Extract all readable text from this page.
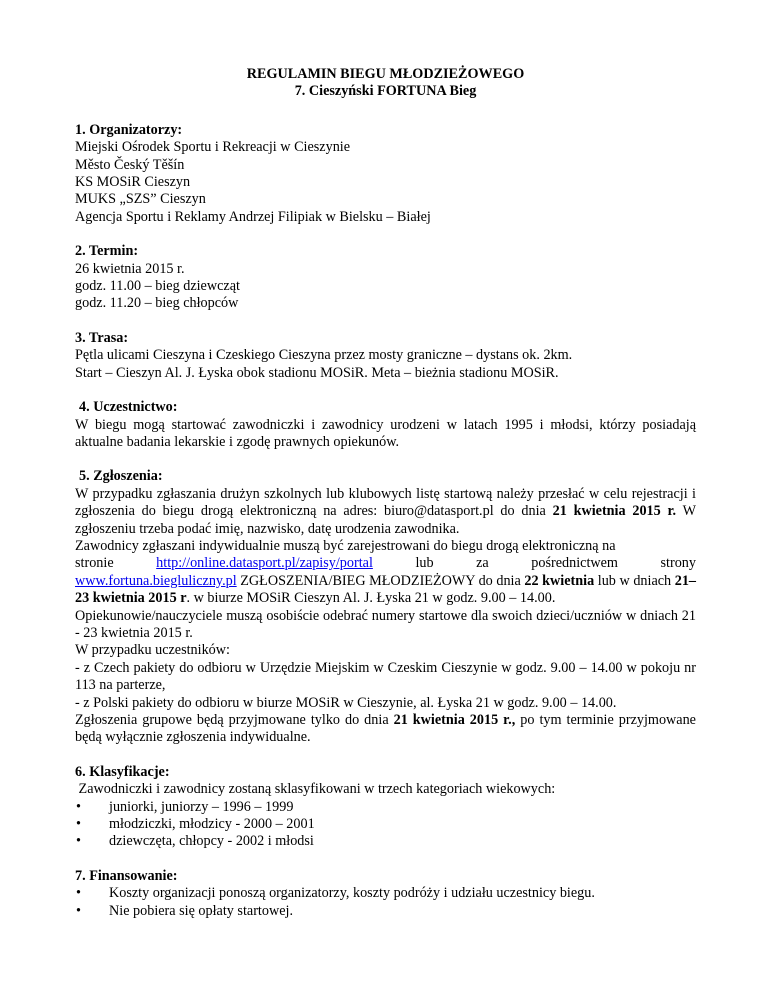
REGULAMIN BIEGU MŁODZIEŻOWEGO
7. Cieszyński FORTUNA Bieg
1. Organizatorzy:
Miejski Ośrodek Sportu i Rekreacji w Cieszynie
Město Český Těšín
KS MOSiR Cieszyn
MUKS „SZS” Cieszyn
Agencja Sportu i Reklamy Andrzej Filipiak w Bielsku – Białej
2. Termin:
26 kwietnia 2015 r.
godz. 11.00 – bieg dziewcząt
godz. 11.20 – bieg chłopców
3. Trasa:
Pętla ulicami Cieszyna i Czeskiego Cieszyna przez mosty graniczne – dystans ok. 2km.
Start – Cieszyn Al. J. Łyska obok stadionu MOSiR. Meta – bieżnia stadionu MOSiR.
4. Uczestnictwo:
W biegu mogą startować zawodniczki i zawodnicy urodzeni w latach 1995 i młodsi, którzy posiadają aktualne badania lekarskie i zgodę prawnych opiekunów.
5. Zgłoszenia:
W przypadku zgłaszania drużyn szkolnych lub klubowych listę startową należy przesłać w celu rejestracji i zgłoszenia do biegu drogą elektroniczną na adres: biuro@datasport.pl do dnia 21 kwietnia 2015 r. W zgłoszeniu trzeba podać imię, nazwisko, datę urodzenia zawodnika.
Zawodnicy zgłaszani indywidualnie muszą być zarejestrowani do biegu drogą elektroniczną na
stronie	http://online.datasport.pl/zapisy/portal	lub	za	pośrednictwem	strony
www.fortuna.biegluliczny.pl ZGŁOSZENIA/BIEG MŁODZIEŻOWY do dnia 22 kwietnia lub w dniach 21–23 kwietnia 2015 r. w biurze MOSiR Cieszyn Al. J. Łyska 21 w godz. 9.00 – 14.00.
Opiekunowie/nauczyciele muszą osobiście odebrać numery startowe dla swoich dzieci/uczniów w dniach 21 - 23 kwietnia 2015 r.
W przypadku uczestników:
- z Czech pakiety do odbioru w Urzędzie Miejskim w Czeskim Cieszynie w godz. 9.00 – 14.00 w pokoju nr 113 na parterze,
- z Polski pakiety do odbioru w biurze MOSiR w Cieszynie, al. Łyska 21 w godz. 9.00 – 14.00.
Zgłoszenia grupowe będą przyjmowane tylko do dnia 21 kwietnia 2015 r., po tym terminie przyjmowane będą wyłącznie zgłoszenia indywidualne.
6. Klasyfikacje:
Zawodniczki i zawodnicy zostaną sklasyfikowani w trzech kategoriach wiekowych:
• juniorki, juniorzy – 1996 – 1999
• młodziczki, młodzicy - 2000 – 2001
• dziewczęta, chłopcy - 2002 i młodsi
7. Finansowanie:
• Koszty organizacji ponoszą organizatorzy, koszty podróży i udziału uczestnicy biegu.
• Nie pobiera się opłaty startowej.
